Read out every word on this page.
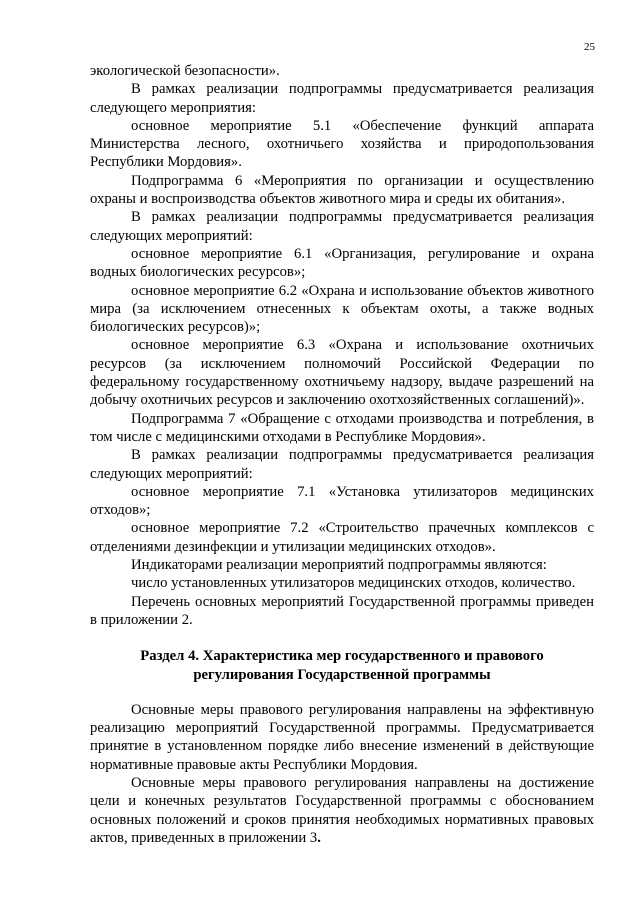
25

экологической безопасности».

В рамках реализации подпрограммы предусматривается реализация следующего мероприятия:

основное мероприятие 5.1 «Обеспечение функций аппарата Министерства лесного, охотничьего хозяйства и природопользования Республики Мордовия».

Подпрограмма 6 «Мероприятия по организации и осуществлению охраны и воспроизводства объектов животного мира и среды их обитания».

В рамках реализации подпрограммы предусматривается реализация следующих мероприятий:

основное мероприятие 6.1 «Организация, регулирование и охрана водных биологических ресурсов»;

основное мероприятие 6.2 «Охрана и использование объектов животного мира (за исключением отнесенных к объектам охоты, а также водных биологических ресурсов)»;

основное мероприятие 6.3 «Охрана и использование охотничьих ресурсов (за исключением полномочий Российской Федерации по федеральному государственному охотничьему надзору, выдаче разрешений на добычу охотничьих ресурсов и заключению охотхозяйственных соглашений)».

Подпрограмма 7 «Обращение с отходами производства и потребления, в том числе с медицинскими отходами в Республике Мордовия».

В рамках реализации подпрограммы предусматривается реализация следующих мероприятий:

основное мероприятие 7.1 «Установка утилизаторов медицинских отходов»;

основное мероприятие 7.2 «Строительство прачечных комплексов с отделениями дезинфекции и утилизации медицинских отходов».

Индикаторами реализации мероприятий подпрограммы являются:

число установленных утилизаторов медицинских отходов, количество.

Перечень основных мероприятий Государственной программы приведен в приложении 2.

Раздел 4. Характеристика мер государственного и правового

регулирования Государственной программы

Основные меры правового регулирования направлены на эффективную реализацию мероприятий Государственной программы. Предусматривается принятие в установленном порядке либо внесение изменений в действующие нормативные правовые акты Республики Мордовия.

Основные меры правового регулирования направлены на достижение цели и конечных результатов Государственной программы с обоснованием основных положений и сроков принятия необходимых нормативных правовых актов, приведенных в приложении 3.
